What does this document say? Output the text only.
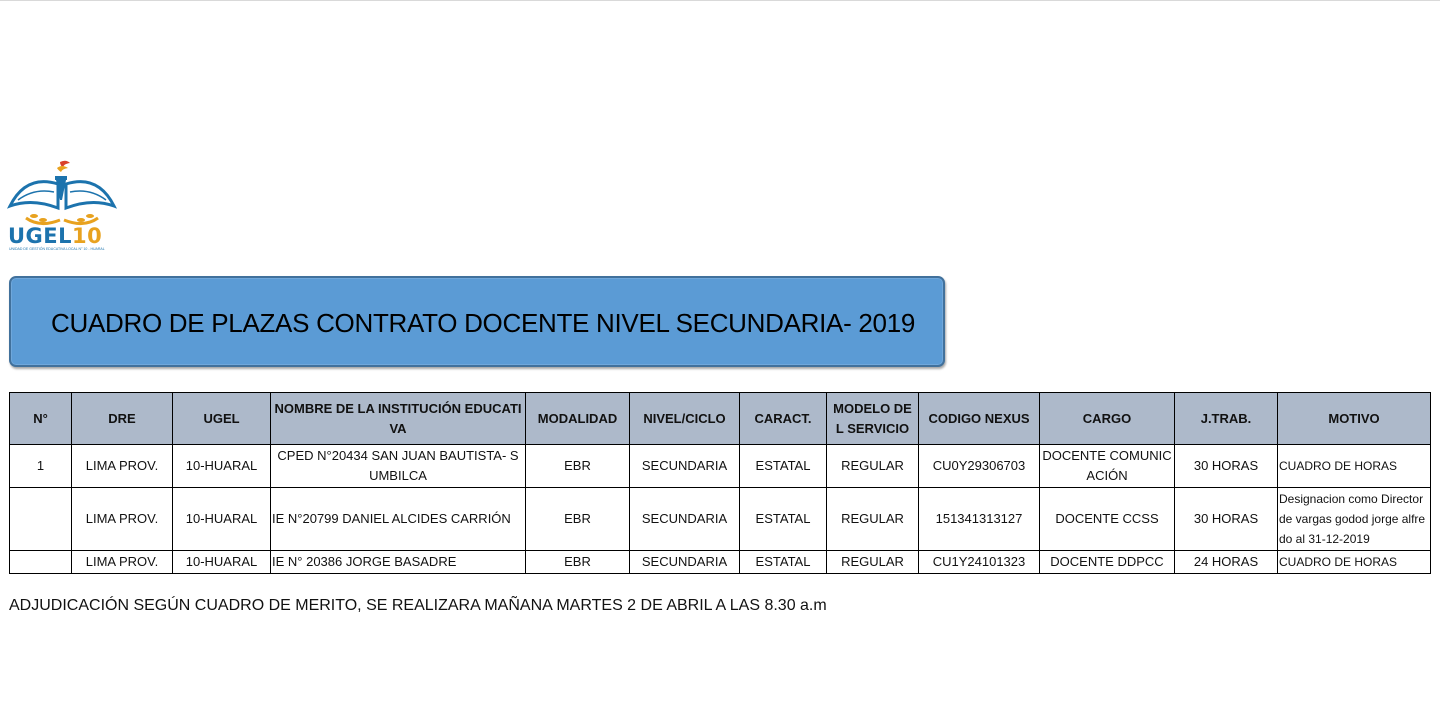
UGEL10
UNIDAD DE GESTIÓN EDUCATIVA LOCAL N° 10 - HUARAL
CUADRO DE PLAZAS CONTRATO DOCENTE NIVEL SECUNDARIA- 2019
N°	DRE	UGEL	NOMBRE DE LA INSTITUCIÓN EDUCATIVA	MODALIDAD	NIVEL/CICLO	CARACT.	MODELO DE L SERVICIO	CODIGO NEXUS	CARGO	J.TRAB.	MOTIVO
1	LIMA PROV.	10-HUARAL	CPED N°20434 SAN JUAN BAUTISTA- SUMBILCA	EBR	SECUNDARIA	ESTATAL	REGULAR	CU0Y29306703	DOCENTE COMUNICACIÓN	30 HORAS	CUADRO DE HORAS
	LIMA PROV.	10-HUARAL	IE N°20799 DANIEL ALCIDES CARRIÓN	EBR	SECUNDARIA	ESTATAL	REGULAR	151341313127	DOCENTE CCSS	30 HORAS	Designacion como Director de vargas godod jorge alfredo al 31-12-2019
	LIMA PROV.	10-HUARAL	IE N° 20386 JORGE BASADRE	EBR	SECUNDARIA	ESTATAL	REGULAR	CU1Y24101323	DOCENTE DDPCC	24 HORAS	CUADRO DE HORAS
ADJUDICACIÓN SEGÚN CUADRO DE MERITO, SE REALIZARA MAÑANA MARTES 2 DE ABRIL A LAS 8.30 a.m
